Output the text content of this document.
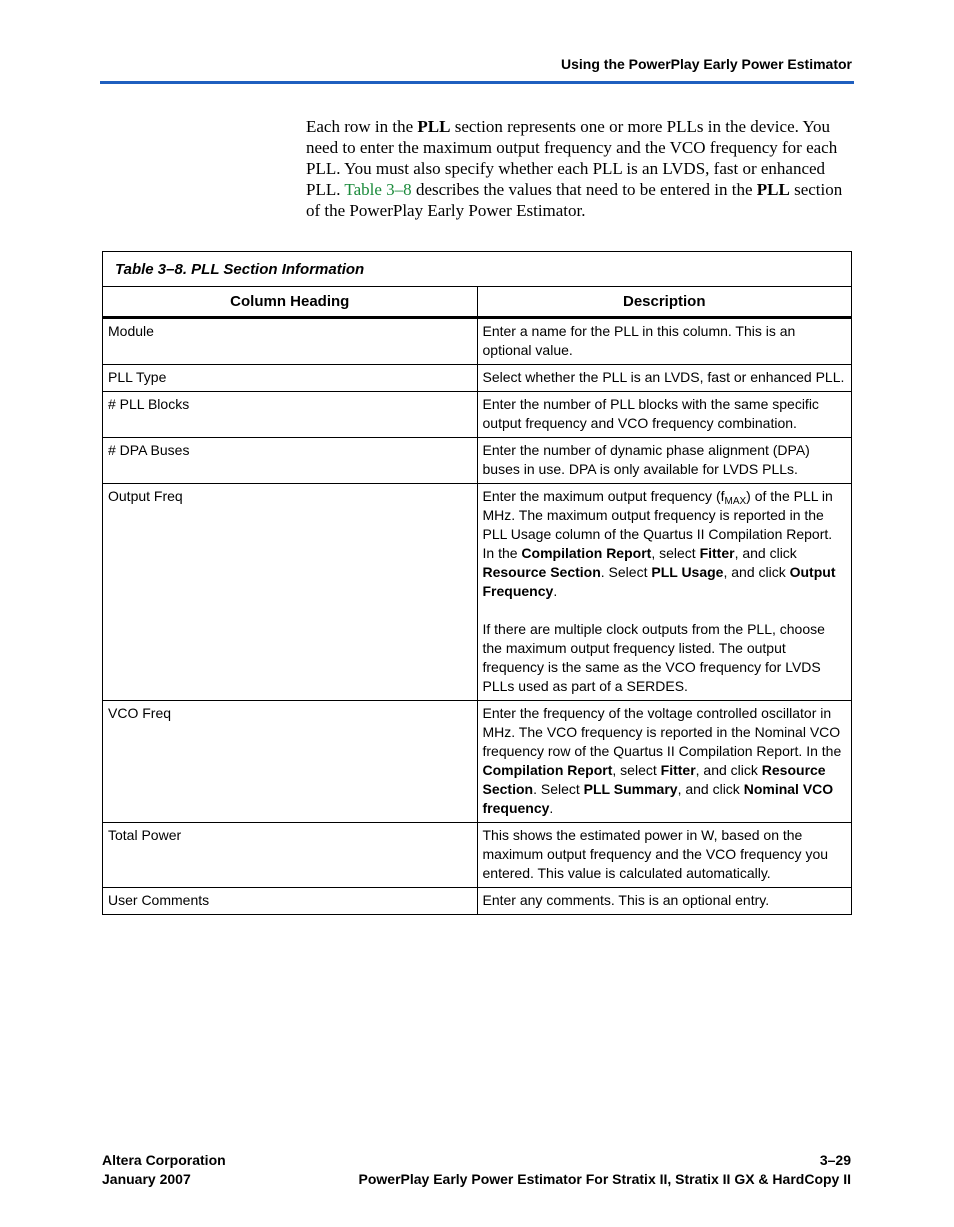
Using the PowerPlay Early Power Estimator
Each row in the PLL section represents one or more PLLs in the device. You need to enter the maximum output frequency and the VCO frequency for each PLL. You must also specify whether each PLL is an LVDS, fast or enhanced PLL. Table 3–8 describes the values that need to be entered in the PLL section of the PowerPlay Early Power Estimator.
Table 3–8. PLL Section Information	
Column Heading	Description
Module	Enter a name for the PLL in this column. This is an optional value.
PLL Type	Select whether the PLL is an LVDS, fast or enhanced PLL.
# PLL Blocks	Enter the number of PLL blocks with the same specific output frequency and VCO frequency combination.
# DPA Buses	Enter the number of dynamic phase alignment (DPA) buses in use. DPA is only available for LVDS PLLs.
Output Freq	Enter the maximum output frequency $(f_{MAX})$ of the PLL in MHz. The maximum output frequency is reported in the PLL Usage column of the Quartus II Compilation Report. In the Compilation Report, select Fitter, and click Resource Section. Select PLL Usage, and click Output Frequency.

If there are multiple clock outputs from the PLL, choose the maximum output frequency listed. The output frequency is the same as the VCO frequency for LVDS PLLs used as part of a SERDES.

VCO Freq	Enter the frequency of the voltage controlled oscillator in MHz. The VCO frequency is reported in the Nominal VCO frequency row of the Quartus II Compilation Report. In the Compilation Report, select Fitter, and click Resource Section. Select PLL Summary, and click Nominal VCO frequency.
Total Power	This shows the estimated power in W, based on the maximum output frequency and the VCO frequency you entered. This value is calculated automatically.
User Comments	Enter any comments. This is an optional entry.
Altera Corporation
January 2007
3–29
PowerPlay Early Power Estimator For Stratix II, Stratix II GX & HardCopy II
